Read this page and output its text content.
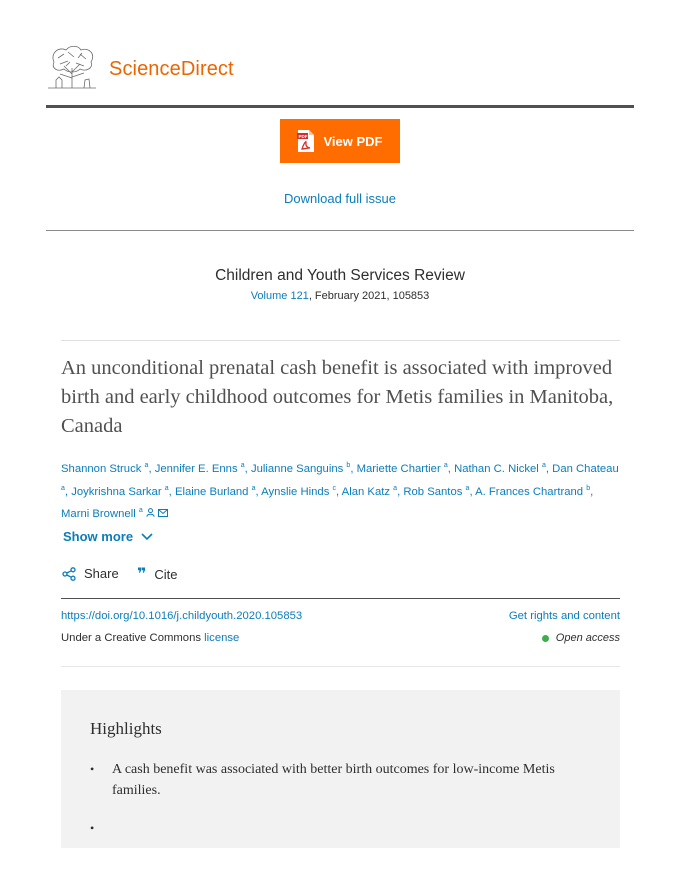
ScienceDirect
PDF View PDF
Download full issue
Children and Youth Services Review
Volume 121, February 2021, 105853
An unconditional prenatal cash benefit is associated with improved birth and early childhood outcomes for Metis families in Manitoba, Canada
Shannon Struck $^a$, Jennifer E. Enns $^a$, Julianne Sanguins $^b$, Mariette Chartier $^a$, Nathan C. Nickel $^a$, Dan Chateau $^a$, Joykrishna Sarkar $^a$, Elaine Burland $^a$, Aynslie Hinds $^c$, Alan Katz $^a$, Rob Santos $^a$, A. Frances Chartrand $^b$, Marni Brownell $^a$
Show more
Share ❞ Cite
https://doi.org/10.1016/j.childyouth.2020.105853	Get rights and content
Under a Creative Commons license	Open access
Highlights
•	A cash benefit was associated with better birth outcomes for low-income Metis families.
•
